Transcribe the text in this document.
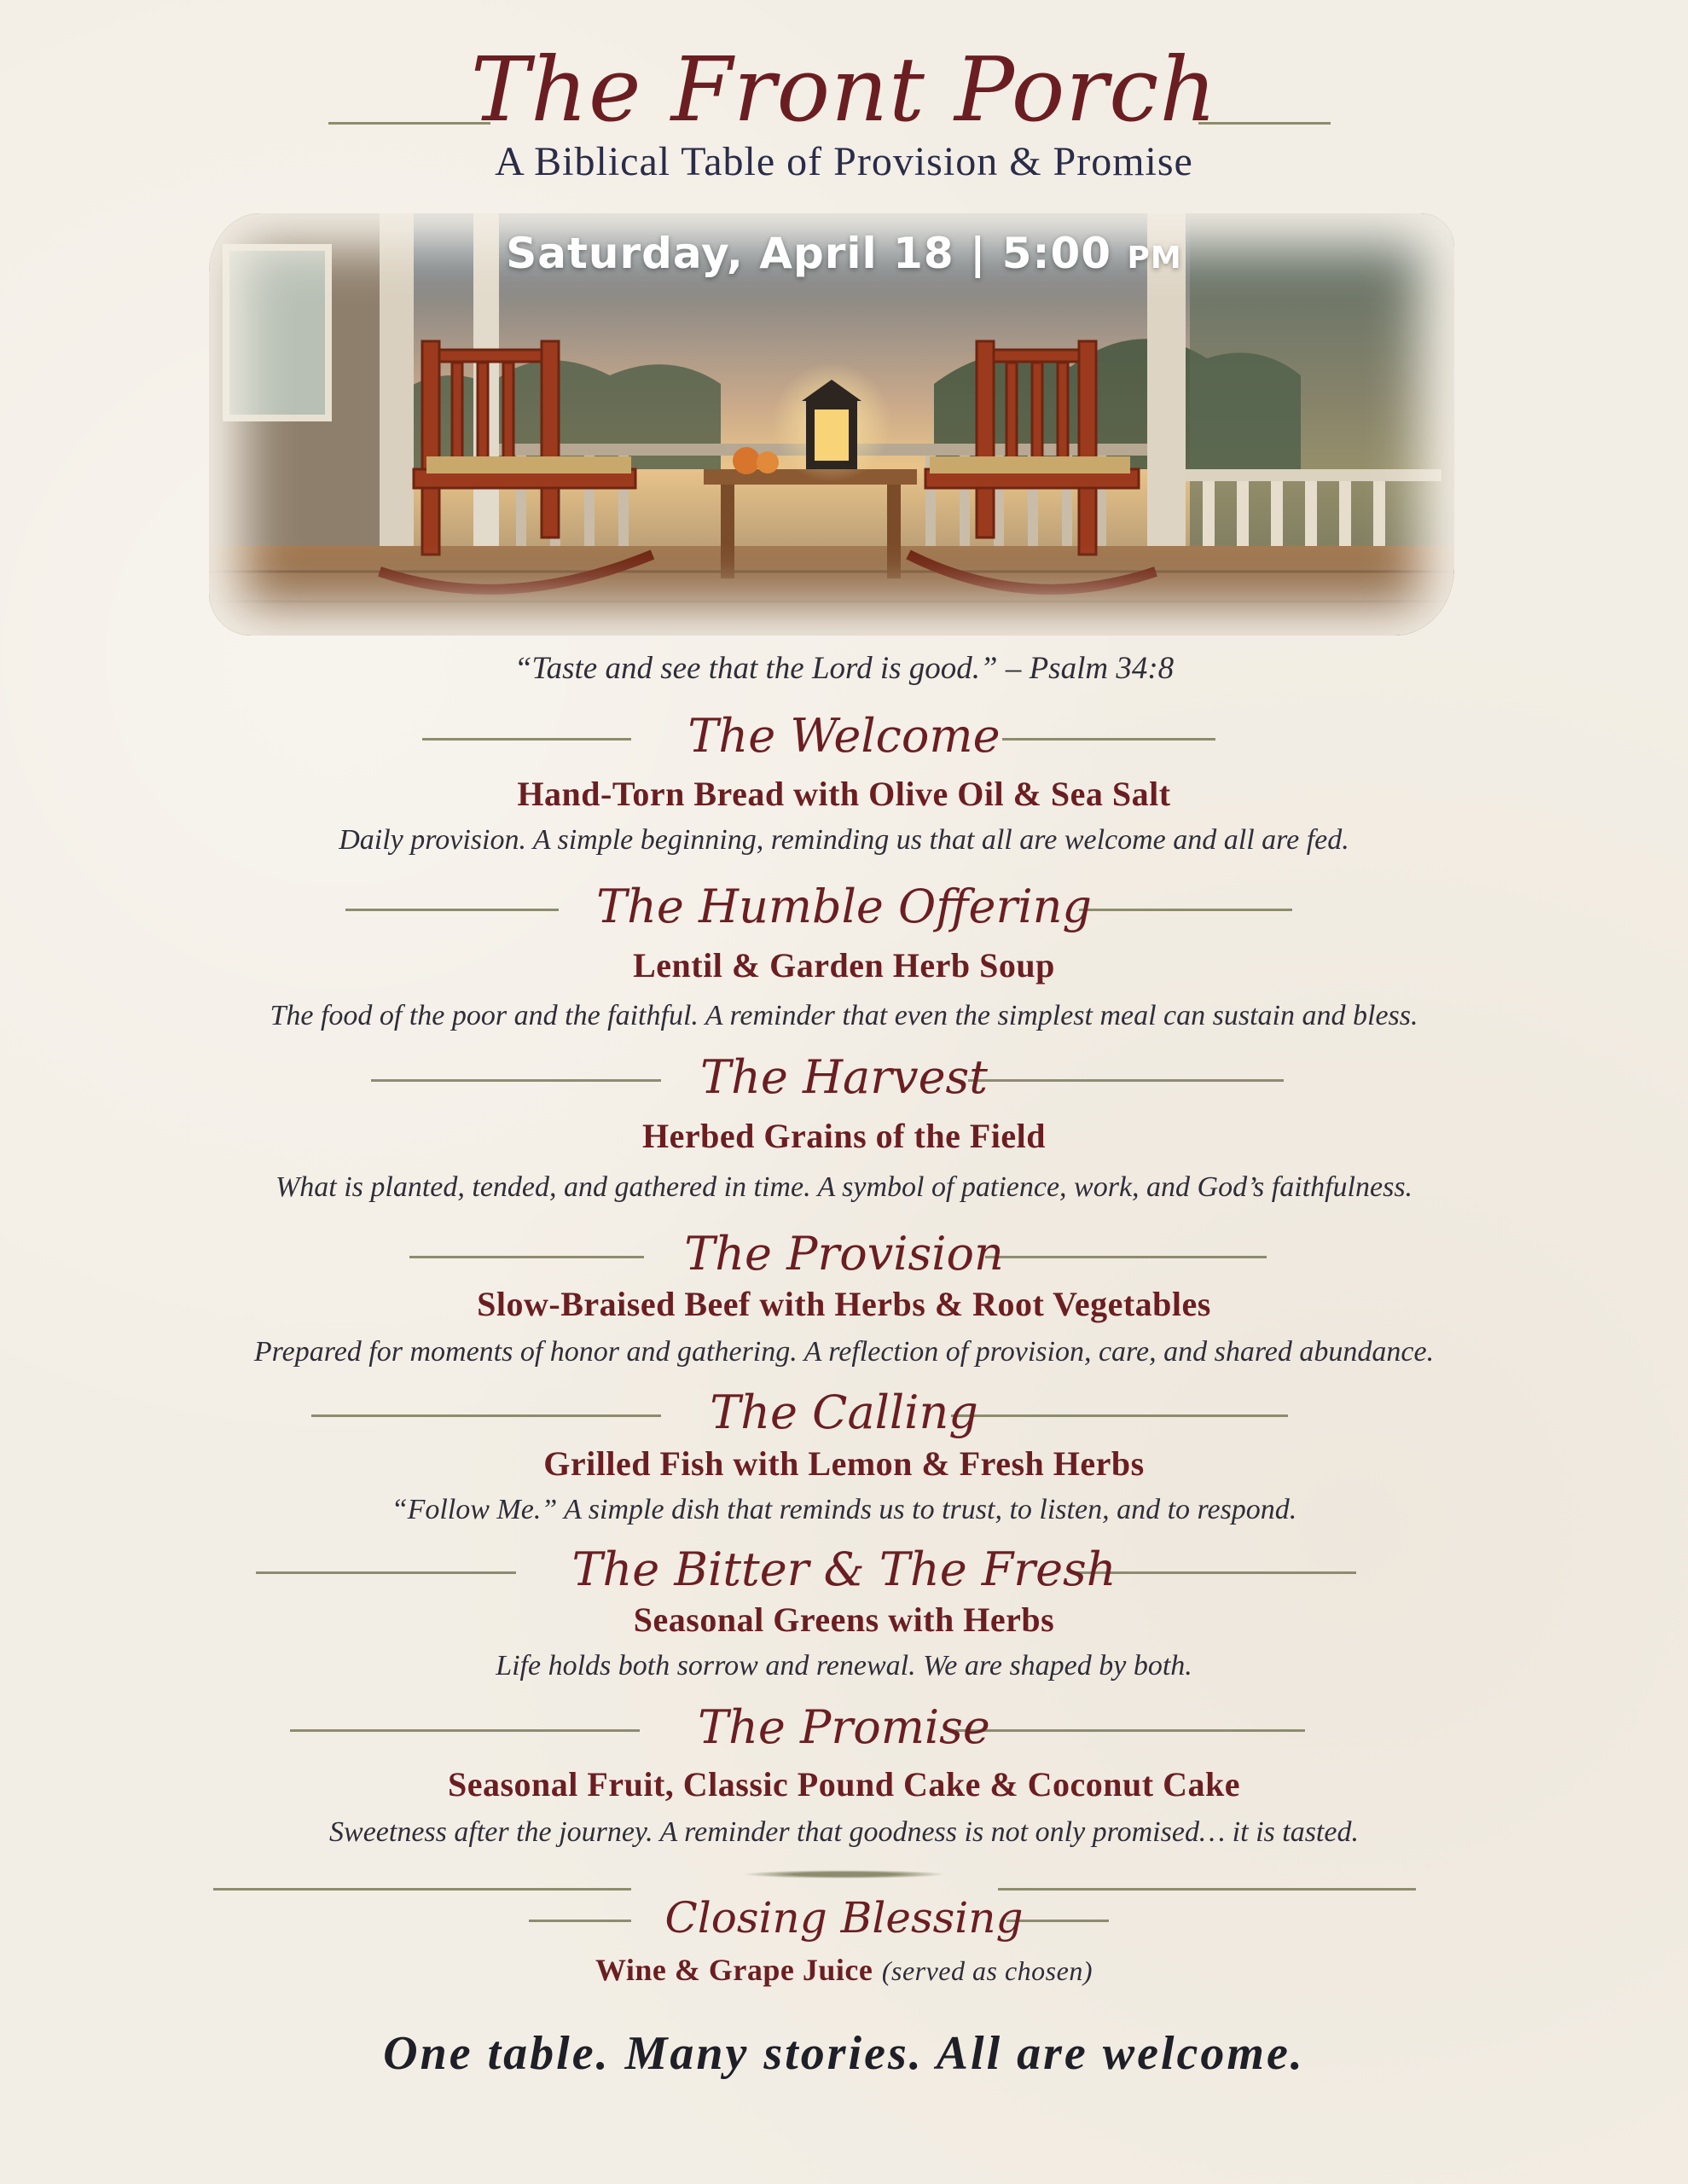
The Front Porch
A Biblical Table of Provision & Promise
Saturday, April 18 | 5:00 PM
“Taste and see that the Lord is good.” – Psalm 34:8
The Welcome
Hand-Torn Bread with Olive Oil & Sea Salt
Daily provision. A simple beginning, reminding us that all are welcome and all are fed.
The Humble Offering
Lentil & Garden Herb Soup
The food of the poor and the faithful. A reminder that even the simplest meal can sustain and bless.
The Harvest
Herbed Grains of the Field
What is planted, tended, and gathered in time. A symbol of patience, work, and God’s faithfulness.
The Provision
Slow-Braised Beef with Herbs & Root Vegetables
Prepared for moments of honor and gathering. A reflection of provision, care, and shared abundance.
The Calling
Grilled Fish with Lemon & Fresh Herbs
“Follow Me.” A simple dish that reminds us to trust, to listen, and to respond.
The Bitter & The Fresh
Seasonal Greens with Herbs
Life holds both sorrow and renewal. We are shaped by both.
The Promise
Seasonal Fruit, Classic Pound Cake & Coconut Cake
Sweetness after the journey. A reminder that goodness is not only promised… it is tasted.
Closing Blessing
Wine & Grape Juice (served as chosen)
One table. Many stories. All are welcome.
